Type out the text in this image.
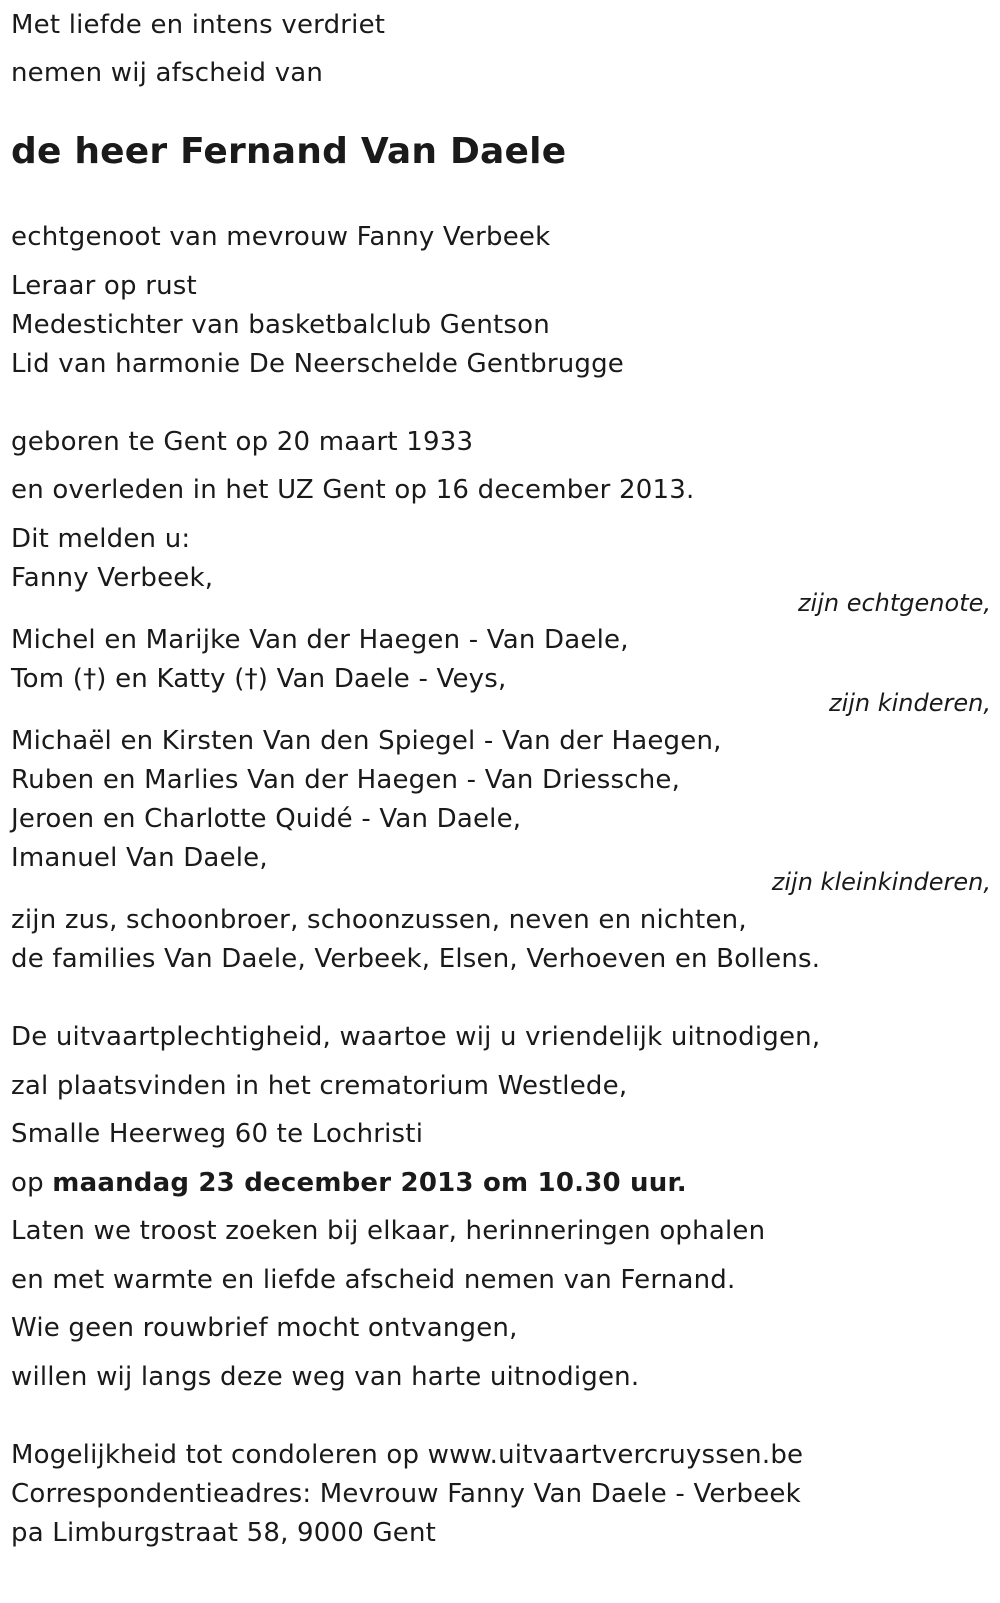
Met liefde en intens verdriet
nemen wij afscheid van
de heer Fernand Van Daele
echtgenoot van mevrouw Fanny Verbeek
Leraar op rust
Medestichter van basketbalclub Gentson
Lid van harmonie De Neerschelde Gentbrugge
geboren te Gent op 20 maart 1933
en overleden in het UZ Gent op 16 december 2013.
Dit melden u:
Fanny Verbeek,
zijn echtgenote,
Michel en Marijke Van der Haegen - Van Daele,
Tom (†) en Katty (†) Van Daele - Veys,
zijn kinderen,
Michaël en Kirsten Van den Spiegel - Van der Haegen,
Ruben en Marlies Van der Haegen - Van Driessche,
Jeroen en Charlotte Quidé - Van Daele,
Imanuel Van Daele,
zijn kleinkinderen,
zijn zus, schoonbroer, schoonzussen, neven en nichten,
de families Van Daele, Verbeek, Elsen, Verhoeven en Bollens.
De uitvaartplechtigheid, waartoe wij u vriendelijk uitnodigen,
zal plaatsvinden in het crematorium Westlede,
Smalle Heerweg 60 te Lochristi
op maandag 23 december 2013 om 10.30 uur.
Laten we troost zoeken bij elkaar, herinneringen ophalen
en met warmte en liefde afscheid nemen van Fernand.
Wie geen rouwbrief mocht ontvangen,
willen wij langs deze weg van harte uitnodigen.
Mogelijkheid tot condoleren op www.uitvaartvercruyssen.be
Correspondentieadres: Mevrouw Fanny Van Daele - Verbeek
pa Limburgstraat 58, 9000 Gent
